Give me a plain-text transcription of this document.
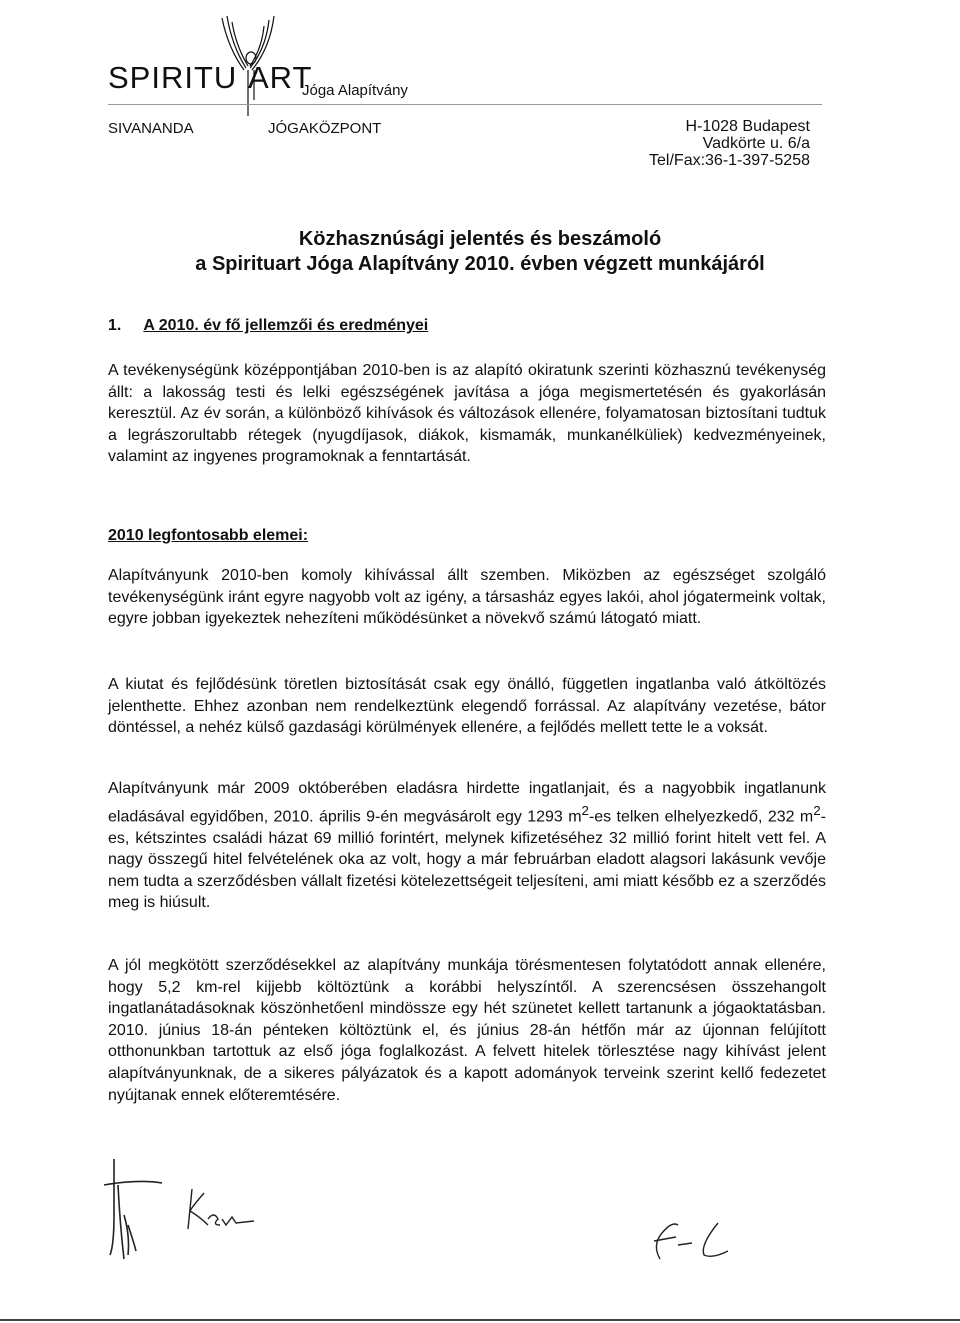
SPIRITU ART
Jóga Alapítvány
SIVANANDA	JÓGAKÖZPONT	H-1028 Budapest
Vadkörte u. 6/a
Tel/Fax:36-1-397-5258
Közhasznúsági jelentés és beszámoló
a Spirituart Jóga Alapítvány 2010. évben végzett munkájáról
1. A 2010. év fő jellemzői és eredményei
A tevékenységünk középpontjában 2010-ben is az alapító okiratunk szerinti közhasznú tevékenység állt: a lakosság testi és lelki egészségének javítása a jóga megismertetésén és gyakorlásán keresztül. Az év során, a különböző kihívások és változások ellenére, folyamatosan biztosítani tudtuk a legrászorultabb rétegek (nyugdíjasok, diákok, kismamák, munkanélküliek) kedvezményeinek, valamint az ingyenes programoknak a fenntartását.
2010 legfontosabb elemei:
Alapítványunk 2010-ben komoly kihívással állt szemben. Miközben az egészséget szolgáló tevékenységünk iránt egyre nagyobb volt az igény, a társasház egyes lakói, ahol jógatermeink voltak, egyre jobban igyekeztek nehezíteni működésünket a növekvő számú látogató miatt.
A kiutat és fejlődésünk töretlen biztosítását csak egy önálló, független ingatlanba való átköltözés jelenthette. Ehhez azonban nem rendelkeztünk elegendő forrással. Az alapítvány vezetése, bátor döntéssel, a nehéz külső gazdasági körülmények ellenére, a fejlődés mellett tette le a voksát.
Alapítványunk már 2009 októberében eladásra hirdette ingatlanjait, és a nagyobbik ingatlanunk eladásával egyidőben, 2010. április 9-én megvásárolt egy 1293 $m^2-es$ telken elhelyezkedő, 232 $m^2-es$, kétszintes családi házat 69 millió forintért, melynek kifizetéséhez 32 millió forint hitelt vett fel. A nagy összegű hitel felvételének oka az volt, hogy a már februárban eladott alagsori lakásunk vevője nem tudta a szerződésben vállalt fizetési kötelezettségeit teljesíteni, ami miatt később ez a szerződés meg is hiúsult.
A jól megkötött szerződésekkel az alapítvány munkája törésmentesen folytatódott annak ellenére, hogy 5,2 km-rel kijjebb költöztünk a korábbi helyszíntől. A szerencsésen összehangolt ingatlanátadásoknak köszönhetőenl mindössze egy hét szünetet kellett tartanunk a jógaoktatásban. 2010. június 18-án pénteken költöztünk el, és június 28-án hétfőn már az újonnan felújított otthonunkban tartottuk az első jóga foglalkozást. A felvett hitelek törlesztése nagy kihívást jelent alapítványunknak, de a sikeres pályázatok és a kapott adományok terveink szerint kellő fedezetet nyújtanak ennek előteremtésére.
